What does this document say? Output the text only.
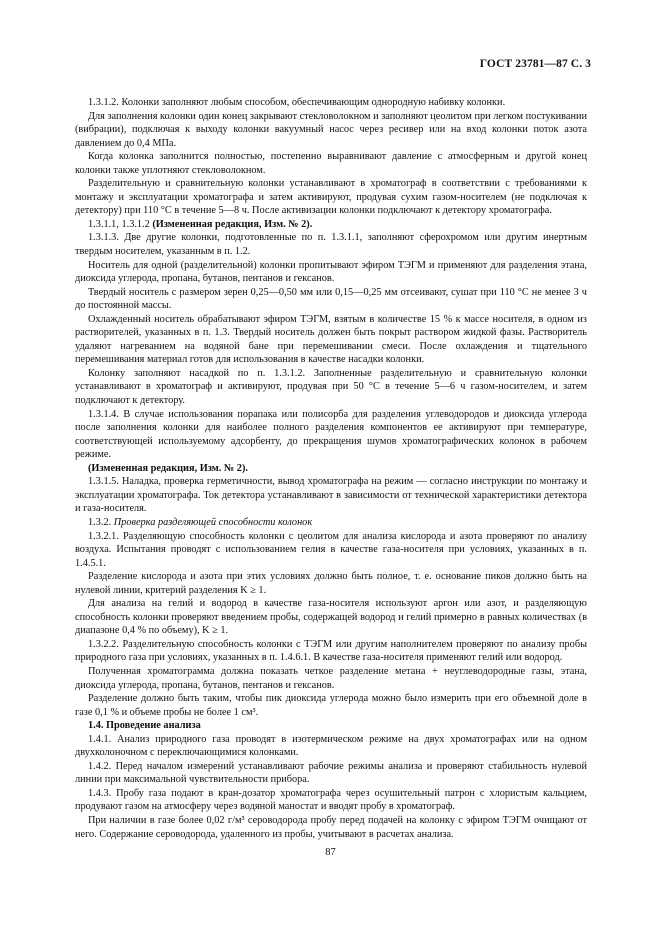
ГОСТ 23781—87 С. 3

1.3.1.2. Колонки заполняют любым способом, обеспечивающим однородную набивку колонки.

Для заполнения колонки один конец закрывают стекловолокном и заполняют цеолитом при легком постукивании (вибрации), подключая к выходу колонки вакуумный насос через ресивер или на вход колонки поток азота давлением до 0,4 МПа.

Когда колонка заполнится полностью, постепенно выравнивают давление с атмосферным и другой конец колонки также уплотняют стекловолокном.

Разделительную и сравнительную колонки устанавливают в хроматограф в соответствии с требованиями к монтажу и эксплуатации хроматографа и затем активируют, продувая сухим газом-носителем (не подключая к детектору) при 110 °С в течение 5—8 ч. После активизации колонки подключают к детектору хроматографа.

1.3.1.1, 1.3.1.2 (Измененная редакция, Изм. № 2).

1.3.1.3. Две другие колонки, подготовленные по п. 1.3.1.1, заполняют сферохромом или другим инертным твердым носителем, указанным в п. 1.2.

Носитель для одной (разделительной) колонки пропитывают эфиром ТЭГМ и применяют для разделения этана, диоксида углерода, пропана, бутанов, пентанов и гексанов.

Твердый носитель с размером зерен 0,25—0,50 мм или 0,15—0,25 мм отсеивают, сушат при 110 °С не менее 3 ч до постоянной массы.

Охлажденный носитель обрабатывают эфиром ТЭГМ, взятым в количестве 15 % к массе носителя, в одном из растворителей, указанных в п. 1.3. Твердый носитель должен быть покрыт раствором жидкой фазы. Растворитель удаляют нагреванием на водяной бане при перемешивании смеси. После охлаждения и тщательного перемешивания материал готов для использования в качестве насадки колонки.

Колонку заполняют насадкой по п. 1.3.1.2. Заполненные разделительную и сравнительную колонки устанавливают в хроматограф и активируют, продувая при 50 °С в течение 5—6 ч газом-носителем, и затем подключают к детектору.

1.3.1.4. В случае использования порапака или полисорба для разделения углеводородов и диоксида углерода после заполнения колонки для наиболее полного разделения компонентов ее активируют при температуре, соответствующей используемому адсорбенту, до прекращения шумов хроматографических колонок в рабочем режиме.

(Измененная редакция, Изм. № 2).

1.3.1.5. Наладка, проверка герметичности, вывод хроматографа на режим — согласно инструкции по монтажу и эксплуатации хроматографа. Ток детектора устанавливают в зависимости от технической характеристики детектора и газа-носителя.

1.3.2. Проверка разделяющей способности колонок

1.3.2.1. Разделяющую способность колонки с цеолитом для анализа кислорода и азота проверяют по анализу воздуха. Испытания проводят с использованием гелия в качестве газа-носителя при условиях, указанных в п. 1.4.5.1.

Разделение кислорода и азота при этих условиях должно быть полное, т. е. основание пиков должно быть на нулевой линии, критерий разделения K ≥ 1.

Для анализа на гелий и водород в качестве газа-носителя используют аргон или азот, и разделяющую способность колонки проверяют введением пробы, содержащей водород и гелий примерно в равных количествах (в диапазоне 0,4 % по объему), K ≥ 1.

1.3.2.2. Разделительную способность колонки с ТЭГМ или другим наполнителем проверяют по анализу пробы природного газа при условиях, указанных в п. 1.4.6.1. В качестве газа-носителя применяют гелий или водород.

Полученная хроматограмма должна показать четкое разделение метана + неуглеводородные газы, этана, диоксида углерода, пропана, бутанов, пентанов и гексанов.

Разделение должно быть таким, чтобы пик диоксида углерода можно было измерить при его объемной доле в газе 0,1 % и объеме пробы не более 1 см³.

1.4. Проведение анализа

1.4.1. Анализ природного газа проводят в изотермическом режиме на двух хроматографах или на одном двухколоночном с переключающимися колонками.

1.4.2. Перед началом измерений устанавливают рабочие режимы анализа и проверяют стабильность нулевой линии при максимальной чувствительности прибора.

1.4.3. Пробу газа подают в кран-дозатор хроматографа через осушительный патрон с хлористым кальцием, продувают газом на атмосферу через водяной маностат и вводят пробу в хроматограф.

При наличии в газе более 0,02 г/м³ сероводорода пробу перед подачей на колонку с эфиром ТЭГМ очищают от него. Содержание сероводорода, удаленного из пробы, учитывают в расчетах анализа.

87
